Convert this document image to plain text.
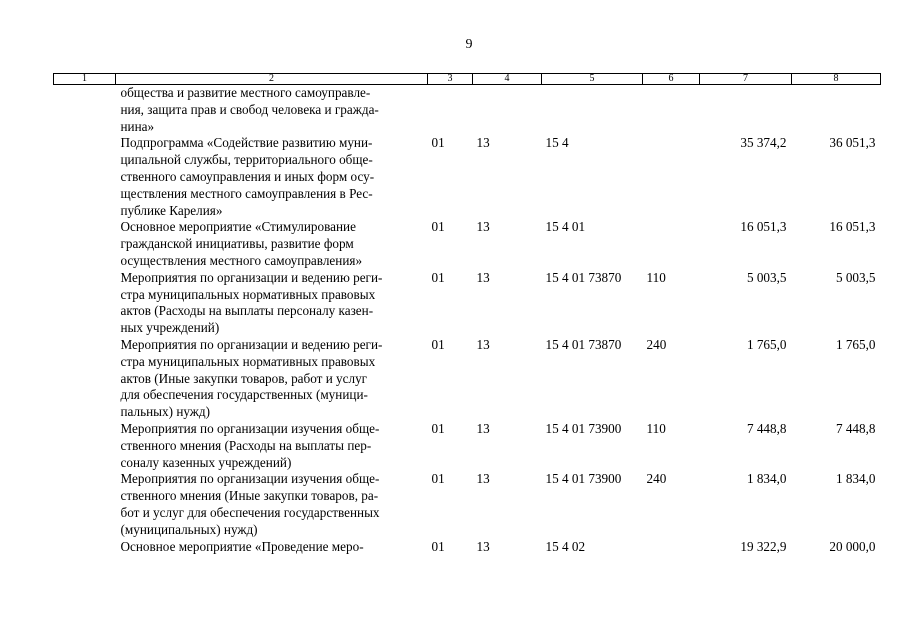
9
1	2	3	4	5	6	7	8
	общества и развитие местного самоуправле-
ния, защита прав и свобод человека и гражда-
нина»						
	Подпрограмма «Содействие развитию муни-
ципальной службы, территориального обще-
ственного самоуправления и иных форм осу-
ществления местного самоуправления в Рес-
публике Карелия»	01	13	15 4		35 374,2	36 051,3
	Основное мероприятие «Стимулирование
гражданской инициативы, развитие форм
осуществления местного самоуправления»	01	13	15 4 01		16 051,3	16 051,3
	Мероприятия по организации и ведению реги-
стра муниципальных нормативных правовых
актов (Расходы на выплаты персоналу казен-
ных учреждений)	01	13	15 4 01 73870	110	5 003,5	5 003,5
	Мероприятия по организации и ведению реги-
стра муниципальных нормативных правовых
актов (Иные закупки товаров, работ и услуг
для обеспечения государственных (муници-
пальных) нужд)	01	13	15 4 01 73870	240	1 765,0	1 765,0
	Мероприятия по организации изучения обще-
ственного мнения (Расходы на выплаты пер-
соналу казенных учреждений)	01	13	15 4 01 73900	110	7 448,8	7 448,8
	Мероприятия по организации изучения обще-
ственного мнения (Иные закупки товаров, ра-
бот и услуг для обеспечения государственных
(муниципальных) нужд)	01	13	15 4 01 73900	240	1 834,0	1 834,0
	Основное мероприятие «Проведение меро-	01	13	15 4 02		19 322,9	20 000,0
